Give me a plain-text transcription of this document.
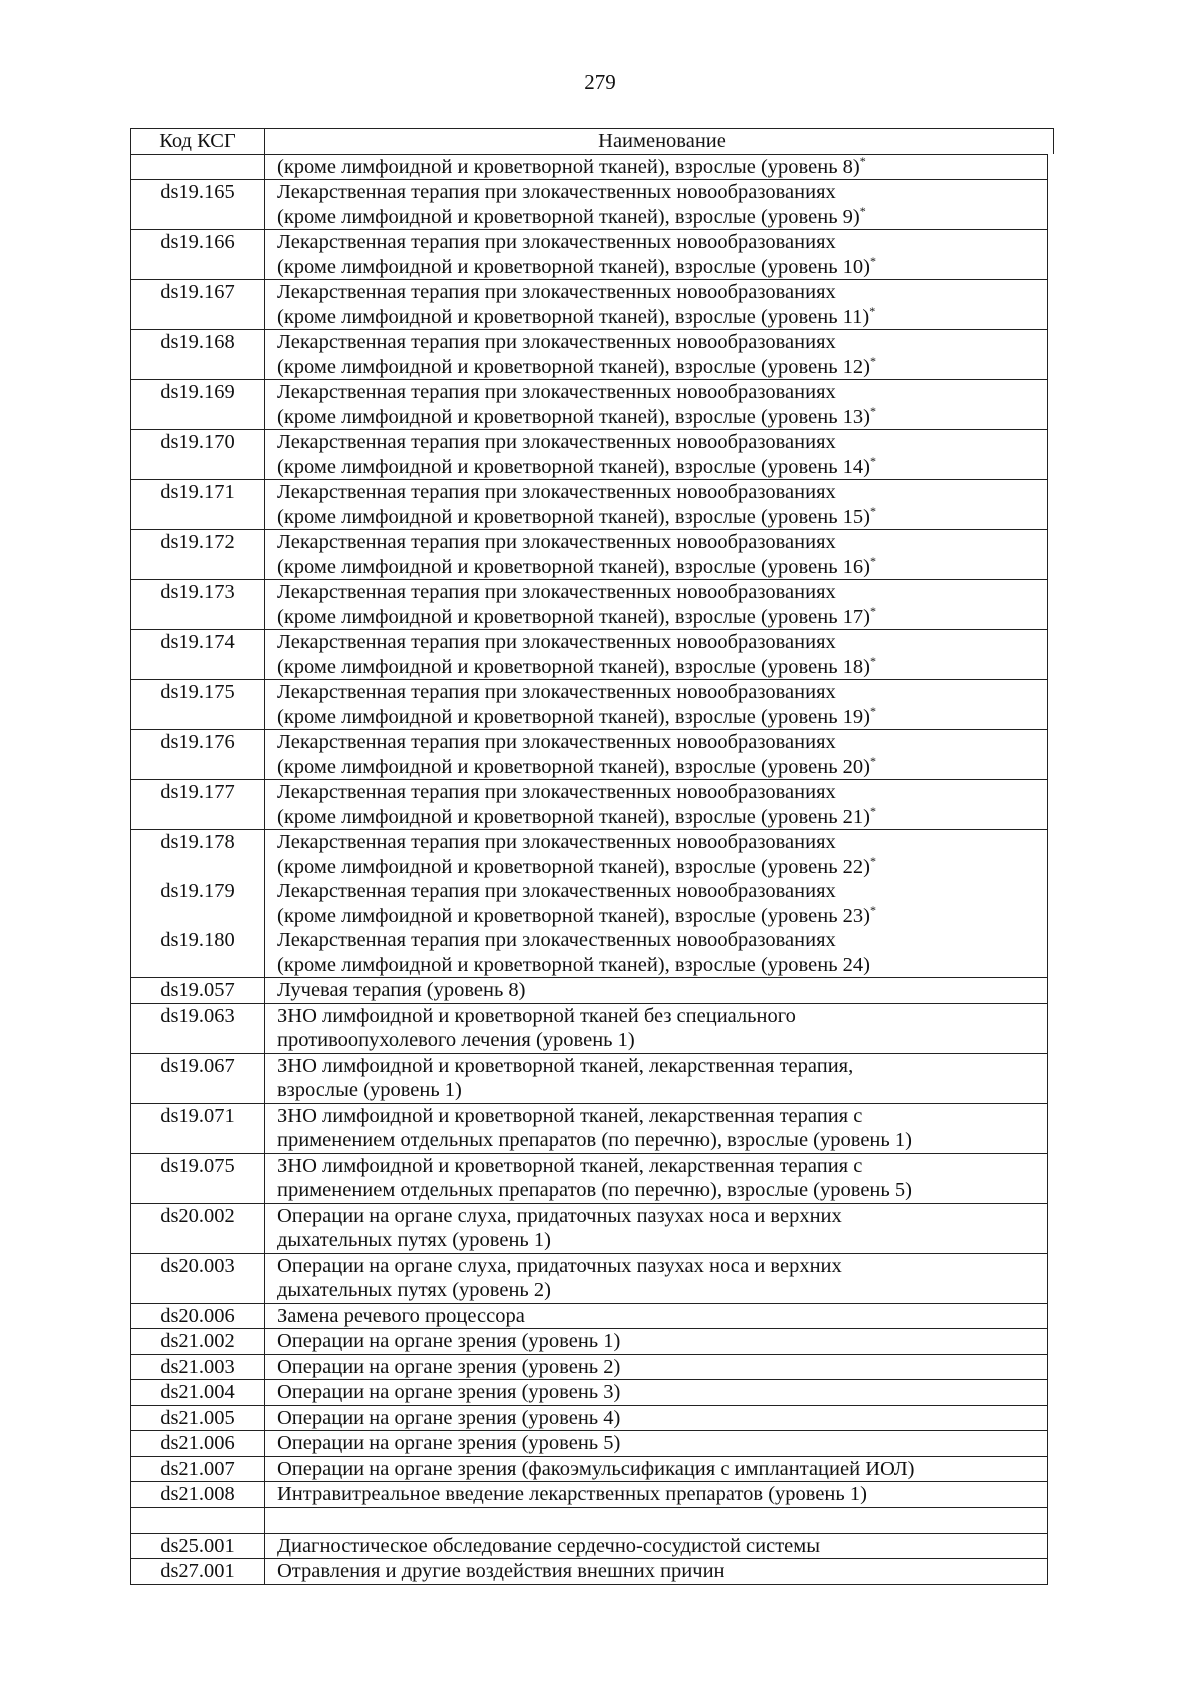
279
Код КСГ	Наименование
(кроме лимфоидной и кроветворной тканей), взрослые (уровень 8)*
ds19.165	Лекарственная терапия при злокачественных новообразованиях
(кроме лимфоидной и кроветворной тканей), взрослые (уровень 9)*
ds19.166	Лекарственная терапия при злокачественных новообразованиях
(кроме лимфоидной и кроветворной тканей), взрослые (уровень 10)*
ds19.167	Лекарственная терапия при злокачественных новообразованиях
(кроме лимфоидной и кроветворной тканей), взрослые (уровень 11)*
ds19.168	Лекарственная терапия при злокачественных новообразованиях
(кроме лимфоидной и кроветворной тканей), взрослые (уровень 12)*
ds19.169	Лекарственная терапия при злокачественных новообразованиях
(кроме лимфоидной и кроветворной тканей), взрослые (уровень 13)*
ds19.170	Лекарственная терапия при злокачественных новообразованиях
(кроме лимфоидной и кроветворной тканей), взрослые (уровень 14)*
ds19.171	Лекарственная терапия при злокачественных новообразованиях
(кроме лимфоидной и кроветворной тканей), взрослые (уровень 15)*
ds19.172	Лекарственная терапия при злокачественных новообразованиях
(кроме лимфоидной и кроветворной тканей), взрослые (уровень 16)*
ds19.173	Лекарственная терапия при злокачественных новообразованиях
(кроме лимфоидной и кроветворной тканей), взрослые (уровень 17)*
ds19.174	Лекарственная терапия при злокачественных новообразованиях
(кроме лимфоидной и кроветворной тканей), взрослые (уровень 18)*
ds19.175	Лекарственная терапия при злокачественных новообразованиях
(кроме лимфоидной и кроветворной тканей), взрослые (уровень 19)*
ds19.176	Лекарственная терапия при злокачественных новообразованиях
(кроме лимфоидной и кроветворной тканей), взрослые (уровень 20)*
ds19.177	Лекарственная терапия при злокачественных новообразованиях
(кроме лимфоидной и кроветворной тканей), взрослые (уровень 21)*
ds19.178	Лекарственная терапия при злокачественных новообразованиях
(кроме лимфоидной и кроветворной тканей), взрослые (уровень 22)*
ds19.179	Лекарственная терапия при злокачественных новообразованиях
(кроме лимфоидной и кроветворной тканей), взрослые (уровень 23)*
ds19.180	Лекарственная терапия при злокачественных новообразованиях
(кроме лимфоидной и кроветворной тканей), взрослые (уровень 24)
ds19.057	Лучевая терапия (уровень 8)
ds19.063	ЗНО лимфоидной и кроветворной тканей без специального
противоопухолевого лечения (уровень 1)
ds19.067	ЗНО лимфоидной и кроветворной тканей, лекарственная терапия,
взрослые (уровень 1)
ds19.071	ЗНО лимфоидной и кроветворной тканей, лекарственная терапия с
применением отдельных препаратов (по перечню), взрослые (уровень 1)
ds19.075	ЗНО лимфоидной и кроветворной тканей, лекарственная терапия с
применением отдельных препаратов (по перечню), взрослые (уровень 5)
ds20.002	Операции на органе слуха, придаточных пазухах носа и верхних
дыхательных путях (уровень 1)
ds20.003	Операции на органе слуха, придаточных пазухах носа и верхних
дыхательных путях (уровень 2)
ds20.006	Замена речевого процессора
ds21.002	Операции на органе зрения (уровень 1)
ds21.003	Операции на органе зрения (уровень 2)
ds21.004	Операции на органе зрения (уровень 3)
ds21.005	Операции на органе зрения (уровень 4)
ds21.006	Операции на органе зрения (уровень 5)
ds21.007	Операции на органе зрения (факоэмульсификация с имплантацией ИОЛ)
ds21.008	Интравитреальное введение лекарственных препаратов (уровень 1)
ds25.001	Диагностическое обследование сердечно-сосудистой системы
ds27.001	Отравления и другие воздействия внешних причин
